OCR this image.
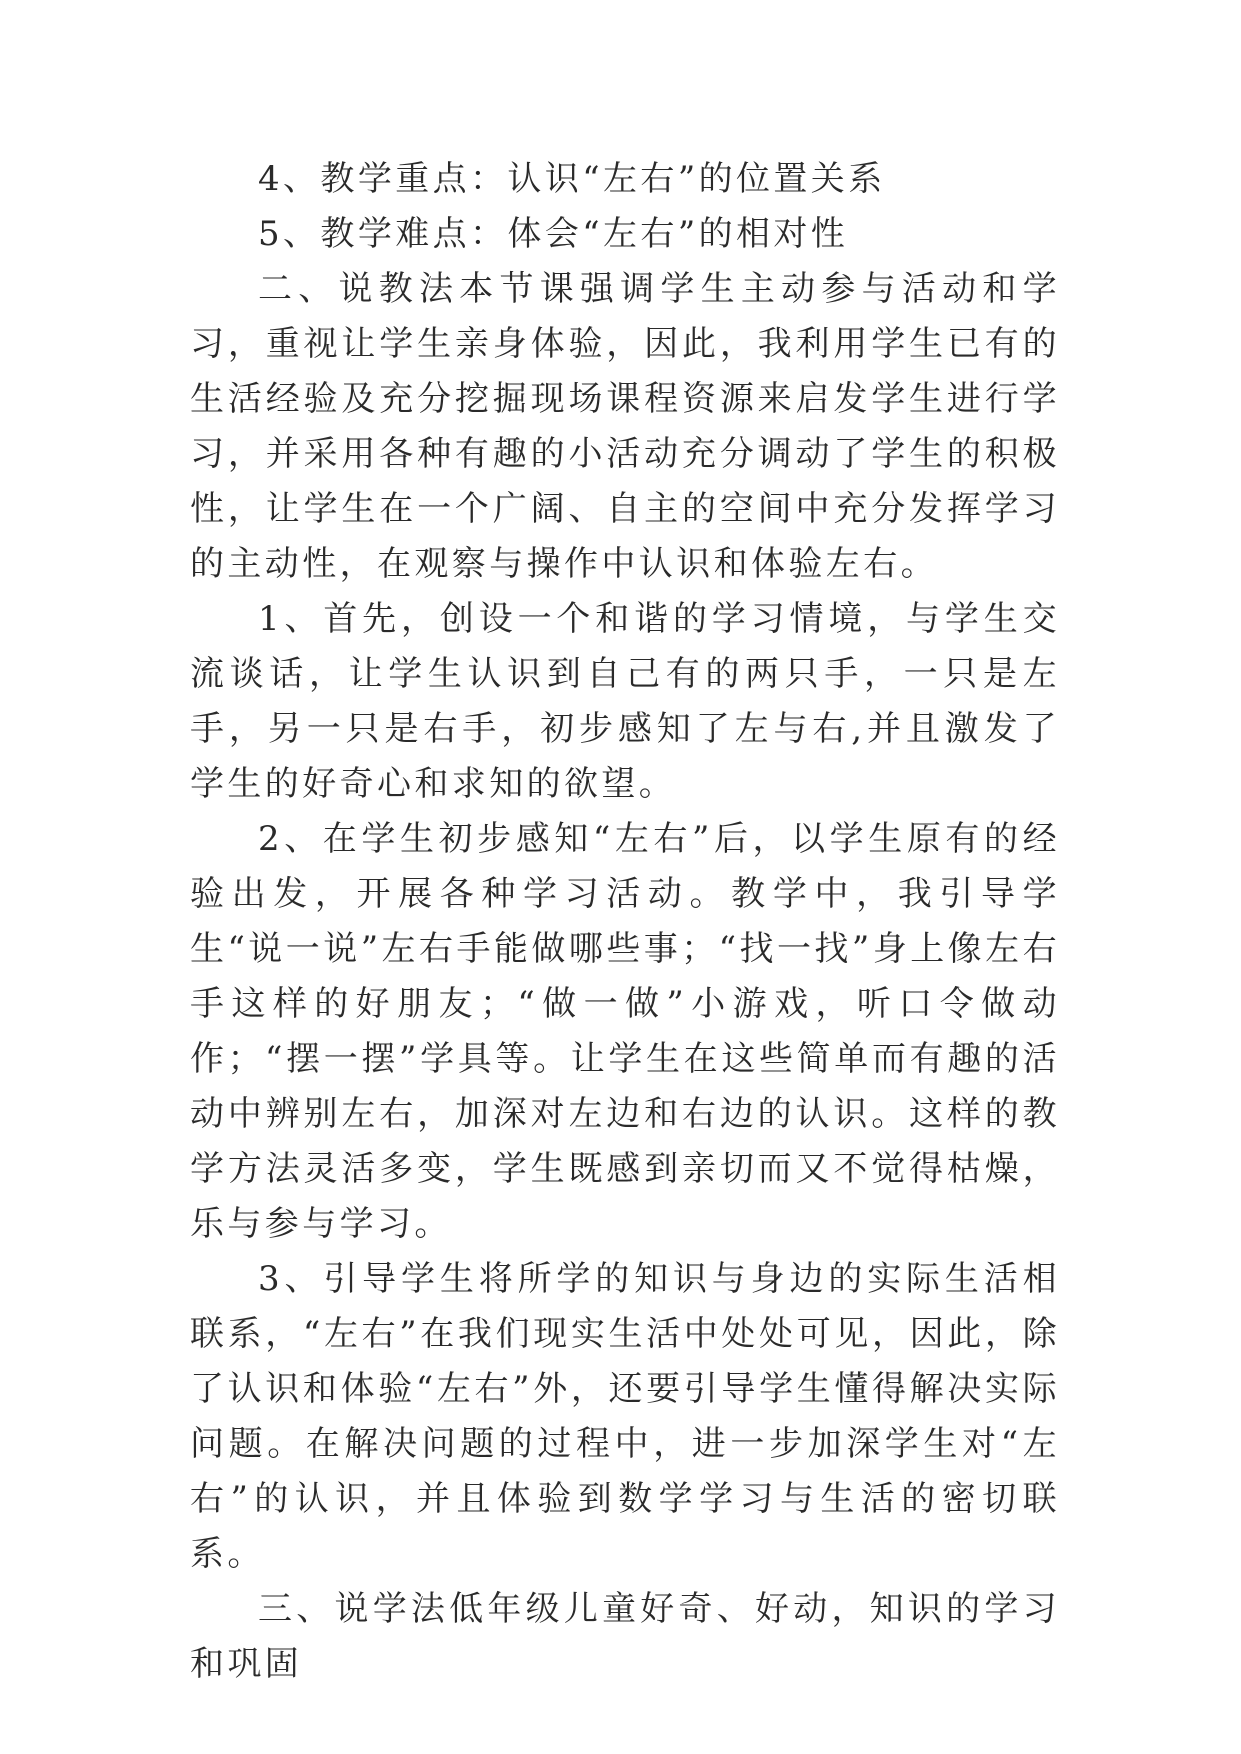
4、教学重点：认识“左右”的位置关系

5、教学难点：体会“左右”的相对性

二、说教法本节课强调学生主动参与活动和学习，重视让学生亲身体验，因此，我利用学生已有的生活经验及充分挖掘现场课程资源来启发学生进行学习，并采用各种有趣的小活动充分调动了学生的积极性，让学生在一个广阔、自主的空间中充分发挥学习的主动性，在观察与操作中认识和体验左右。

1、首先，创设一个和谐的学习情境，与学生交流谈话，让学生认识到自己有的两只手，一只是左手，另一只是右手，初步感知了左与右,并且激发了学生的好奇心和求知的欲望。

2、在学生初步感知“左右”后，以学生原有的经验出发，开展各种学习活动。教学中，我引导学生“说一说”左右手能做哪些事；“找一找”身上像左右手这样的好朋友；“做一做”小游戏，听口令做动作；“摆一摆”学具等。让学生在这些简单而有趣的活动中辨别左右，加深对左边和右边的认识。这样的教学方法灵活多变，学生既感到亲切而又不觉得枯燥，乐与参与学习。

3、引导学生将所学的知识与身边的实际生活相联系，“左右”在我们现实生活中处处可见，因此，除了认识和体验“左右”外，还要引导学生懂得解决实际问题。在解决问题的过程中，进一步加深学生对“左右”的认识，并且体验到数学学习与生活的密切联系。

三、说学法低年级儿童好奇、好动，知识的学习和巩固
